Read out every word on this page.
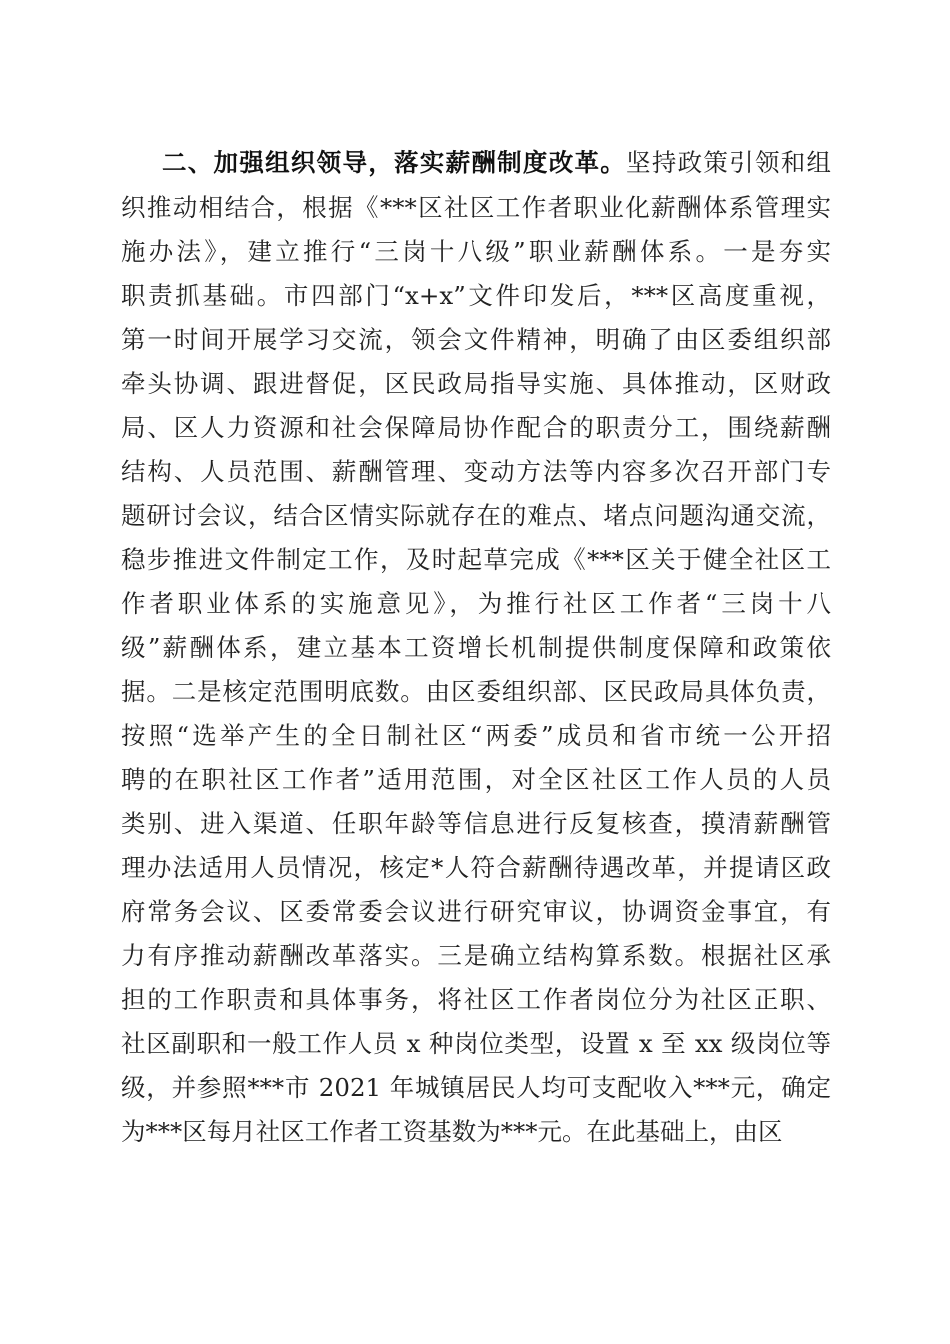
二、加强组织领导，落实薪酬制度改革。坚持政策引领和组
织推动相结合，根据《***区社区工作者职业化薪酬体系管理实
施办法》，建立推行“三岗十八级”职业薪酬体系。一是夯实
职责抓基础。市四部门“x+x”文件印发后，***区高度重视，
第一时间开展学习交流，领会文件精神，明确了由区委组织部
牵头协调、跟进督促，区民政局指导实施、具体推动，区财政
局、区人力资源和社会保障局协作配合的职责分工，围绕薪酬
结构、人员范围、薪酬管理、变动方法等内容多次召开部门专
题研讨会议，结合区情实际就存在的难点、堵点问题沟通交流，
稳步推进文件制定工作，及时起草完成《***区关于健全社区工
作者职业体系的实施意见》，为推行社区工作者“三岗十八
级”薪酬体系，建立基本工资增长机制提供制度保障和政策依
据。二是核定范围明底数。由区委组织部、区民政局具体负责，
按照“选举产生的全日制社区“两委”成员和省市统一公开招
聘的在职社区工作者”适用范围，对全区社区工作人员的人员
类别、进入渠道、任职年龄等信息进行反复核查，摸清薪酬管
理办法适用人员情况，核定*人符合薪酬待遇改革，并提请区政
府常务会议、区委常委会议进行研究审议，协调资金事宜，有
力有序推动薪酬改革落实。三是确立结构算系数。根据社区承
担的工作职责和具体事务，将社区工作者岗位分为社区正职、
社区副职和一般工作人员 x 种岗位类型，设置 x 至 xx 级岗位等
级，并参照***市 2021 年城镇居民人均可支配收入***元，确定
为***区每月社区工作者工资基数为***元。在此基础上，由区
